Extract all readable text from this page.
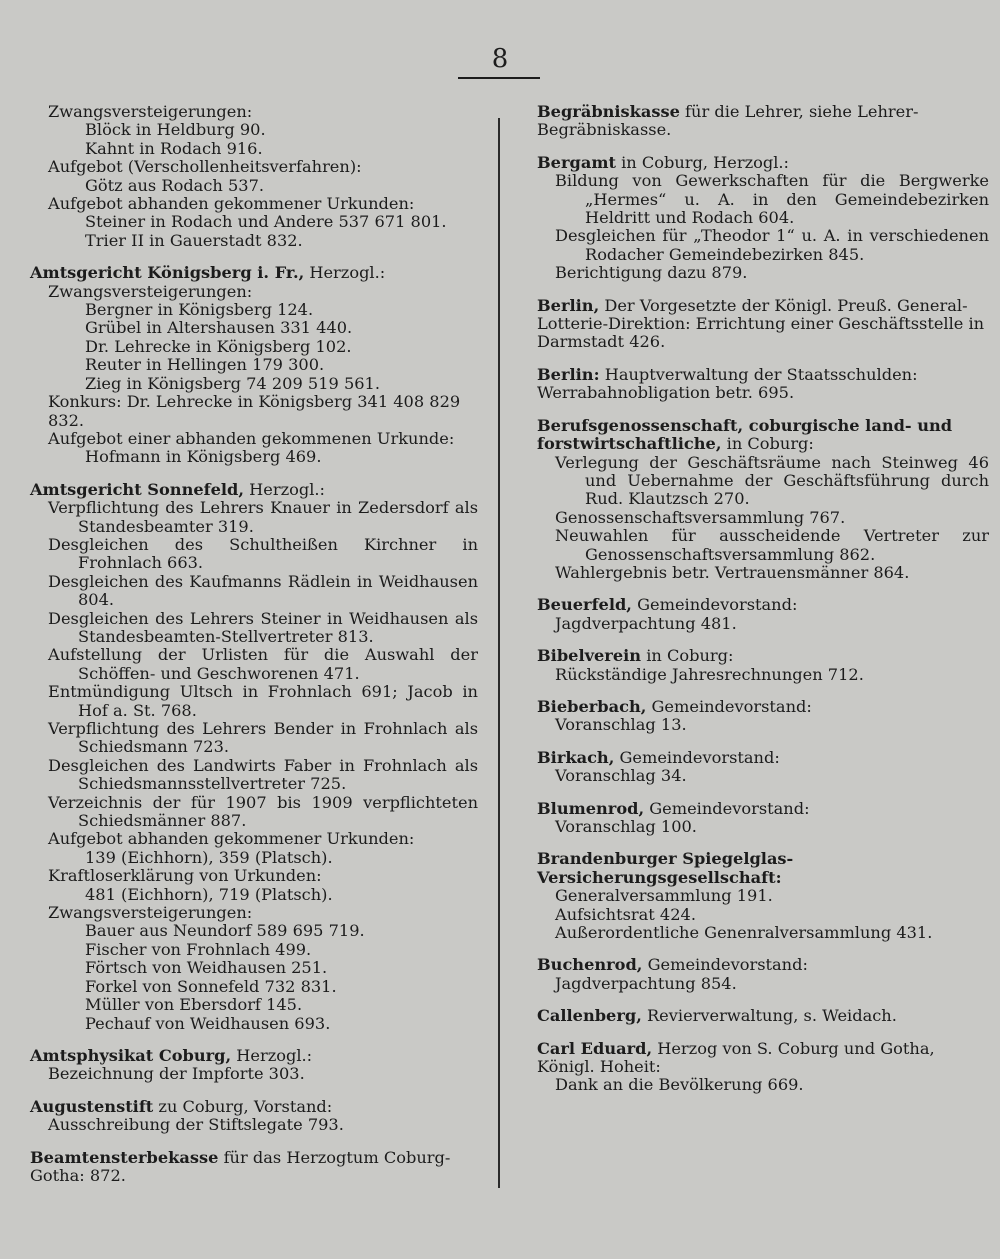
8
Zwangsversteigerungen:
Blöck in Heldburg 90.
Kahnt in Rodach 916.
Aufgebot (Verschollenheitsverfahren):
Götz aus Rodach 537.
Aufgebot abhanden gekommener Urkunden:
Steiner in Rodach und Andere 537 671 801.
Trier II in Gauerstadt 832.
Amtsgericht Königsberg i. Fr., Herzogl.:
Zwangsversteigerungen:
Bergner in Königsberg 124.
Grübel in Altershausen 331 440.
Dr. Lehrecke in Königsberg 102.
Reuter in Hellingen 179 300.
Zieg in Königsberg 74 209 519 561.
Konkurs: Dr. Lehrecke in Königsberg 341 408 829 832.
Aufgebot einer abhanden gekommenen Urkunde:
Hofmann in Königsberg 469.
Amtsgericht Sonnefeld, Herzogl.:
Verpflichtung des Lehrers Knauer in Zedersdorf als Standesbeamter 319.
Desgleichen des Schultheißen Kirchner in Frohnlach 663.
Desgleichen des Kaufmanns Rädlein in Weidhausen 804.
Desgleichen des Lehrers Steiner in Weidhausen als Standesbeamten-Stellvertreter 813.
Aufstellung der Urlisten für die Auswahl der Schöffen- und Geschworenen 471.
Entmündigung Ultsch in Frohnlach 691; Jacob in Hof a. St. 768.
Verpflichtung des Lehrers Bender in Frohnlach als Schiedsmann 723.
Desgleichen des Landwirts Faber in Frohnlach als Schiedsmannsstellvertreter 725.
Verzeichnis der für 1907 bis 1909 verpflichteten Schiedsmänner 887.
Aufgebot abhanden gekommener Urkunden:
139 (Eichhorn), 359 (Platsch).
Kraftloserklärung von Urkunden:
481 (Eichhorn), 719 (Platsch).
Zwangsversteigerungen:
Bauer aus Neundorf 589 695 719.
Fischer von Frohnlach 499.
Förtsch von Weidhausen 251.
Forkel von Sonnefeld 732 831.
Müller von Ebersdorf 145.
Pechauf von Weidhausen 693.
Amtsphysikat Coburg, Herzogl.:
Bezeichnung der Impforte 303.
Augustenstift zu Coburg, Vorstand:
Ausschreibung der Stiftslegate 793.
Beamtensterbekasse für das Herzogtum Coburg-Gotha: 872.
Begräbniskasse für die Lehrer, siehe Lehrer-Begräbniskasse.
Bergamt in Coburg, Herzogl.:
Bildung von Gewerkschaften für die Bergwerke „Hermes“ u. A. in den Gemeindebezirken Heldritt und Rodach 604.
Desgleichen für „Theodor 1“ u. A. in verschiedenen Rodacher Gemeindebezirken 845.
Berichtigung dazu 879.
Berlin, Der Vorgesetzte der Königl. Preuß. General-Lotterie-Direktion: Errichtung einer Geschäftsstelle in Darmstadt 426.
Berlin: Hauptverwaltung der Staatsschulden: Werrabahnobligation betr. 695.
Berufsgenossenschaft, coburgische land- und forstwirtschaftliche, in Coburg:
Verlegung der Geschäftsräume nach Steinweg 46 und Uebernahme der Geschäftsführung durch Rud. Klautzsch 270.
Genossenschaftsversammlung 767.
Neuwahlen für ausscheidende Vertreter zur Genossenschaftsversammlung 862.
Wahlergebnis betr. Vertrauensmänner 864.
Beuerfeld, Gemeindevorstand:
Jagdverpachtung 481.
Bibelverein in Coburg:
Rückständige Jahresrechnungen 712.
Bieberbach, Gemeindevorstand:
Voranschlag 13.
Birkach, Gemeindevorstand:
Voranschlag 34.
Blumenrod, Gemeindevorstand:
Voranschlag 100.
Brandenburger Spiegelglas-Versicherungsgesellschaft:
Generalversammlung 191.
Aufsichtsrat 424.
Außerordentliche Genenralversammlung 431.
Buchenrod, Gemeindevorstand:
Jagdverpachtung 854.
Callenberg, Revierverwaltung, s. Weidach.
Carl Eduard, Herzog von S. Coburg und Gotha, Königl. Hoheit:
Dank an die Bevölkerung 669.
